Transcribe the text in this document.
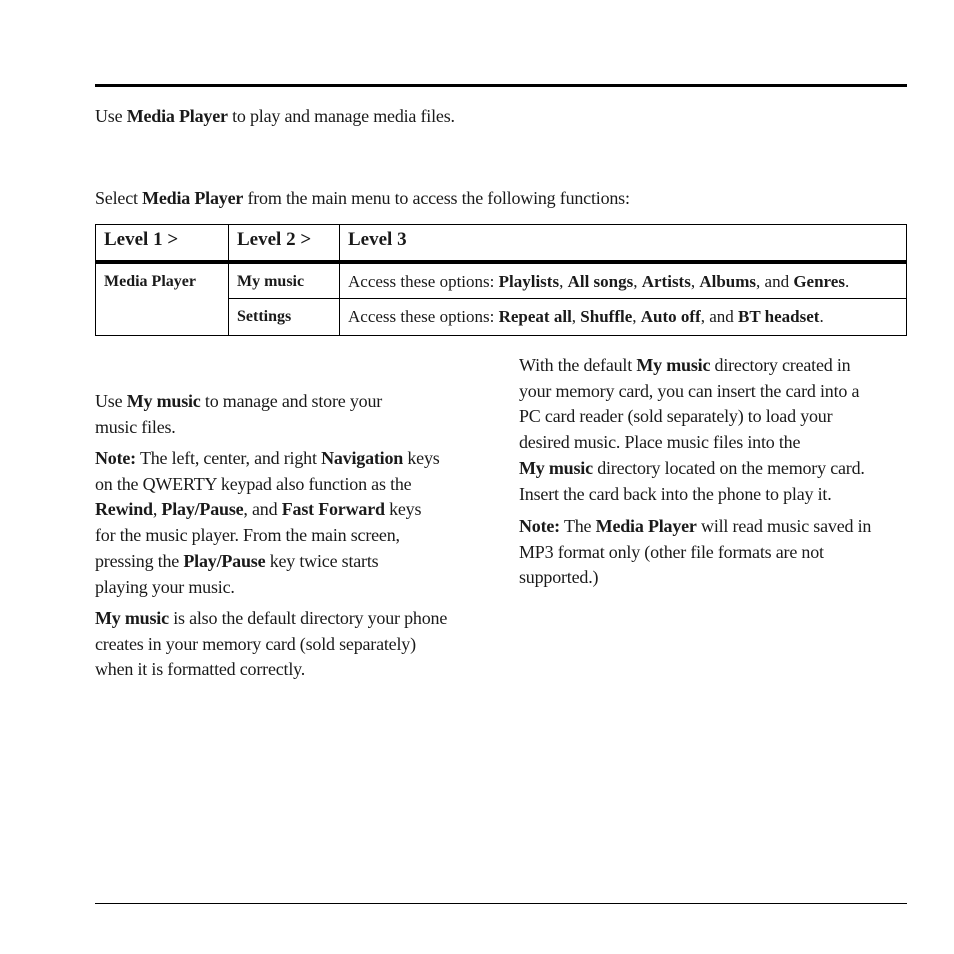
Use Media Player to play and manage media files.

Select Media Player from the main menu to access the following functions:

Level 1 >	Level 2 >	Level 3
Media Player	My music	Access these options: Playlists, All songs, Artists, Albums, and Genres.
	Settings	Access these options: Repeat all, Shuffle, Auto off, and BT headset.

Use My music to manage and store your
music files.

Note: The left, center, and right Navigation keys
on the QWERTY keypad also function as the
Rewind, Play/Pause, and Fast Forward keys
for the music player. From the main screen,
pressing the Play/Pause key twice starts
playing your music.

My music is also the default directory your phone
creates in your memory card (sold separately)
when it is formatted correctly.

With the default My music directory created in
your memory card, you can insert the card into a
PC card reader (sold separately) to load your
desired music. Place music files into the
My music directory located on the memory card.
Insert the card back into the phone to play it.

Note: The Media Player will read music saved in
MP3 format only (other file formats are not
supported.)
